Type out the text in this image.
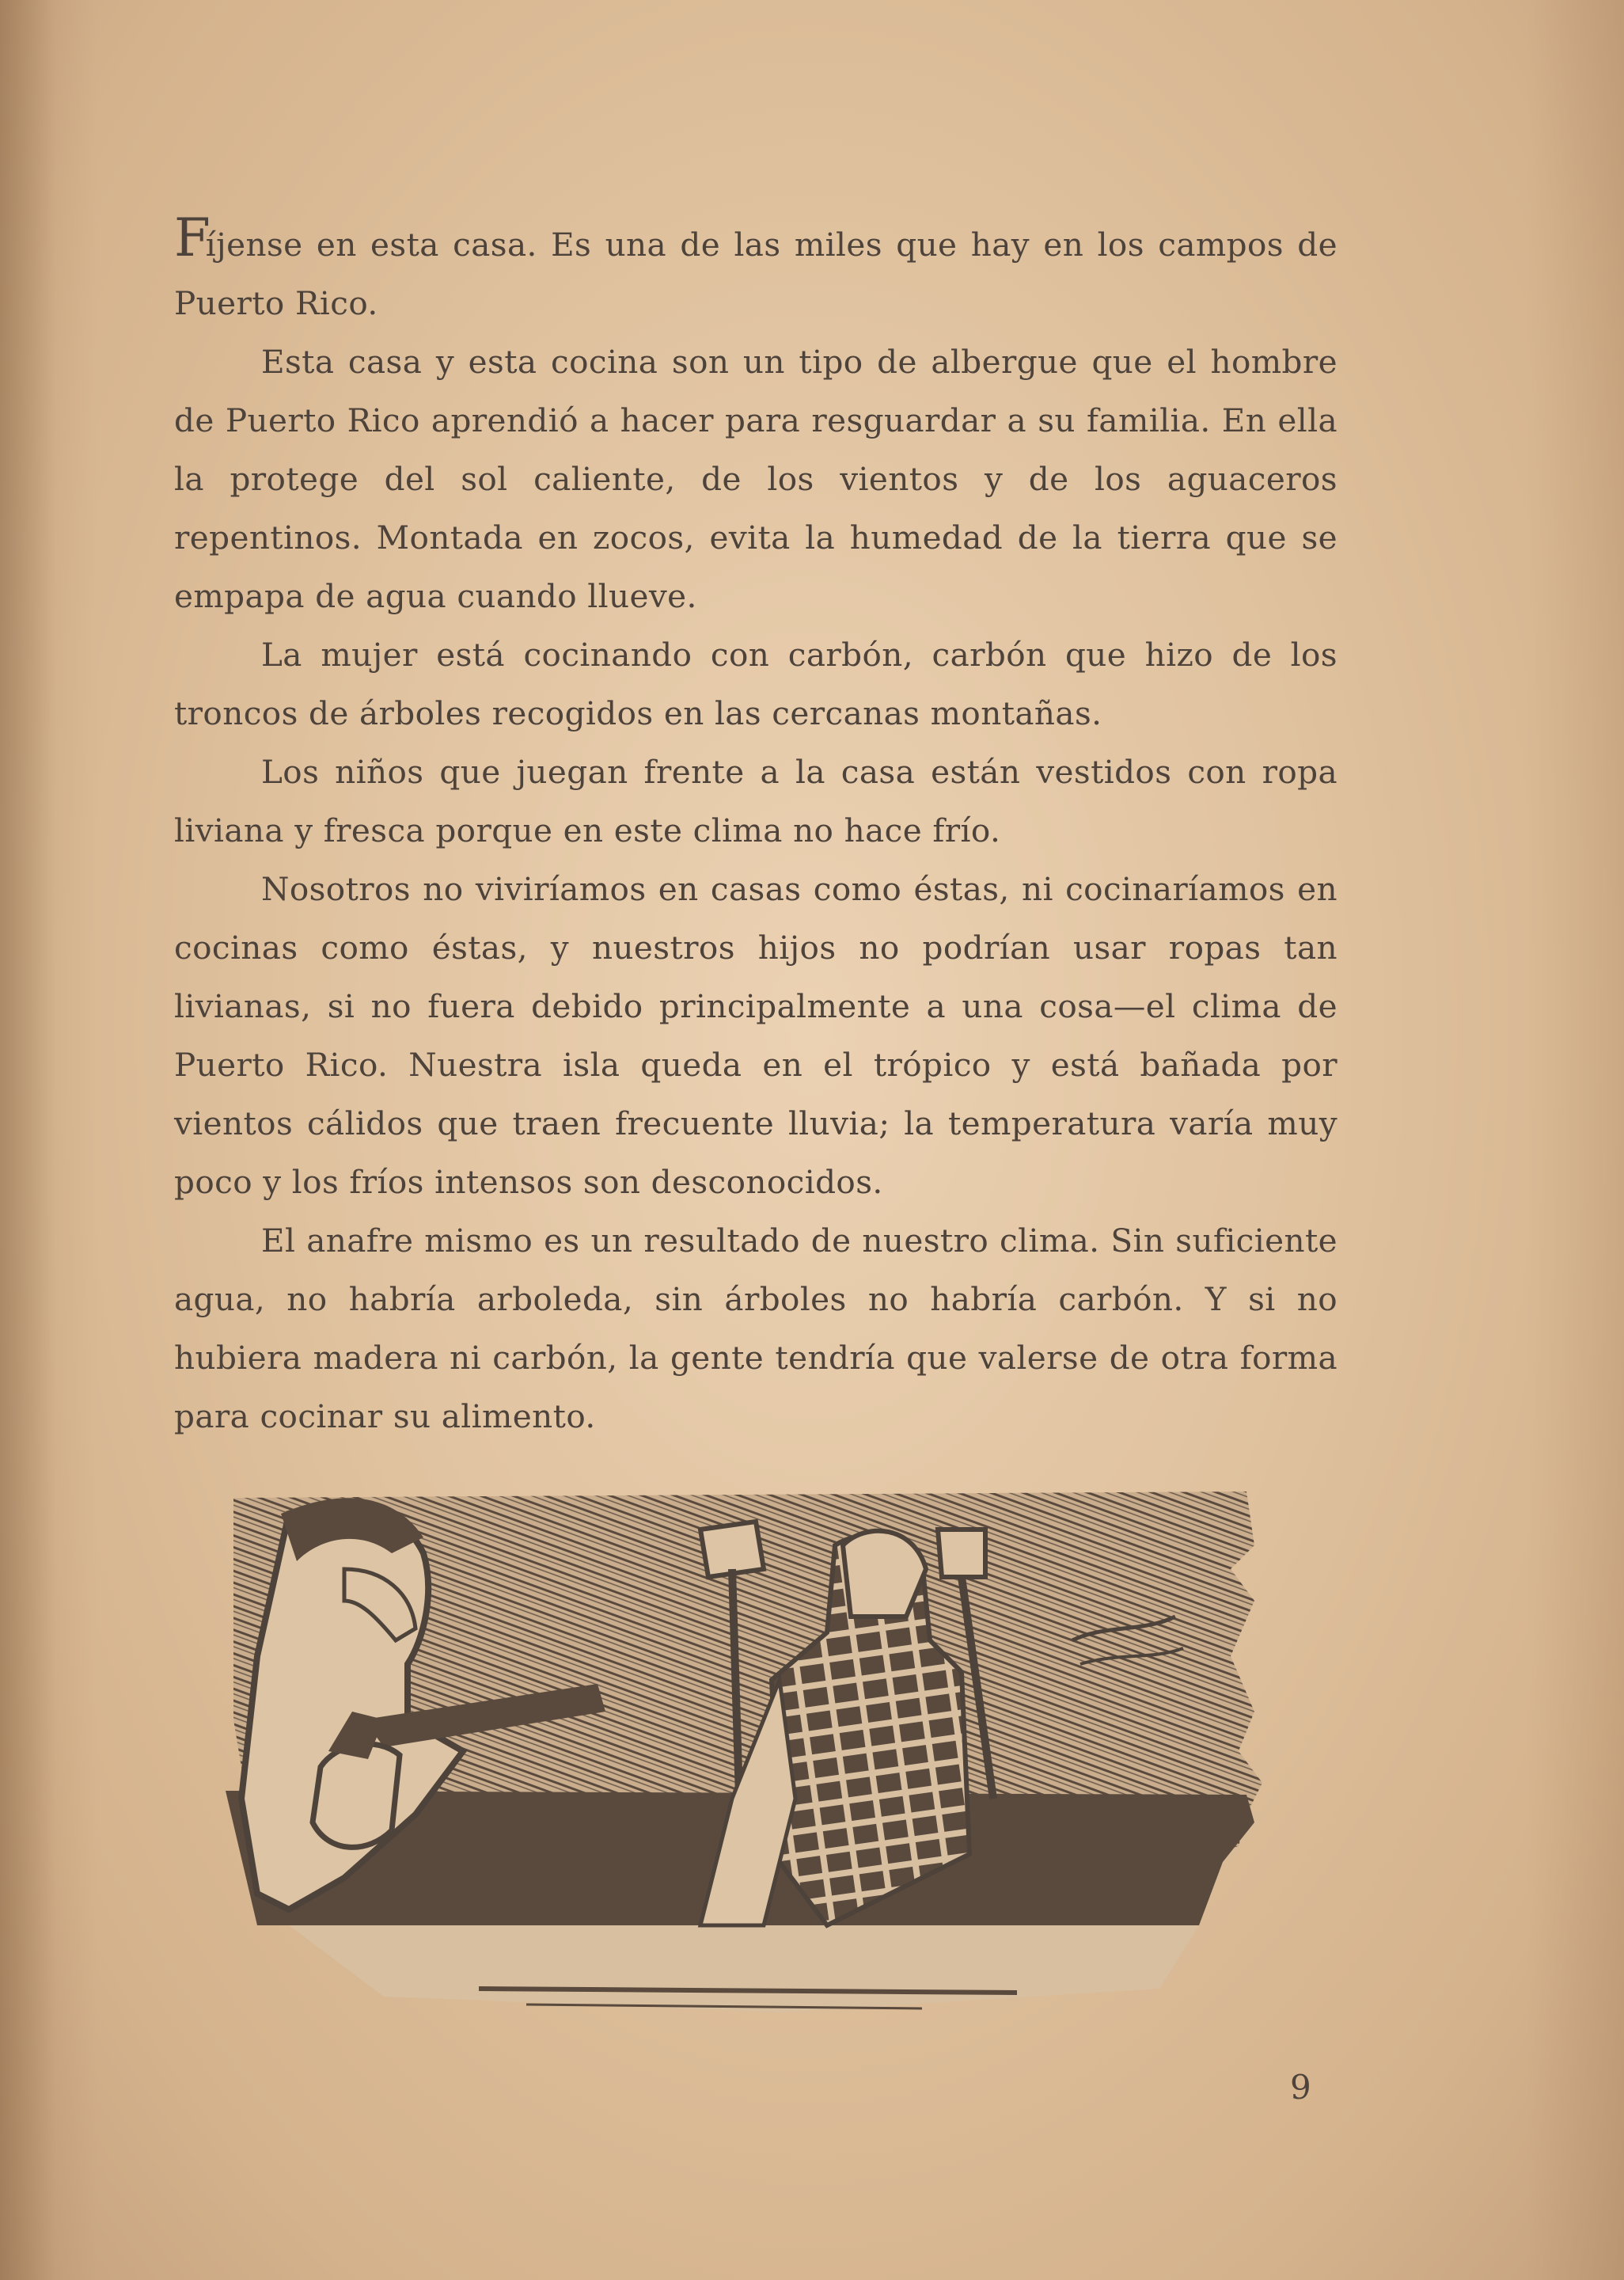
Fíjense en esta casa. Es una de las miles que hay en los campos de Puerto Rico.

Esta casa y esta cocina son un tipo de albergue que el hombre de Puerto Rico aprendió a hacer para resguardar a su familia. En ella la protege del sol caliente, de los vientos y de los aguaceros repentinos. Montada en zocos, evita la humedad de la tierra que se empapa de agua cuando llueve.

La mujer está cocinando con carbón, carbón que hizo de los troncos de árboles recogidos en las cercanas montañas.

Los niños que juegan frente a la casa están vestidos con ropa liviana y fresca porque en este clima no hace frío.

Nosotros no viviríamos en casas como éstas, ni cocinaríamos en cocinas como éstas, y nuestros hijos no podrían usar ropas tan livianas, si no fuera debido principalmente a una cosa—el clima de Puerto Rico. Nuestra isla queda en el trópico y está bañada por vientos cálidos que traen frecuente lluvia; la temperatura varía muy poco y los fríos intensos son desconocidos.

El anafre mismo es un resultado de nuestro clima. Sin suficiente agua, no habría arboleda, sin árboles no habría carbón. Y si no hubiera madera ni carbón, la gente tendría que valerse de otra forma para cocinar su alimento.

9
